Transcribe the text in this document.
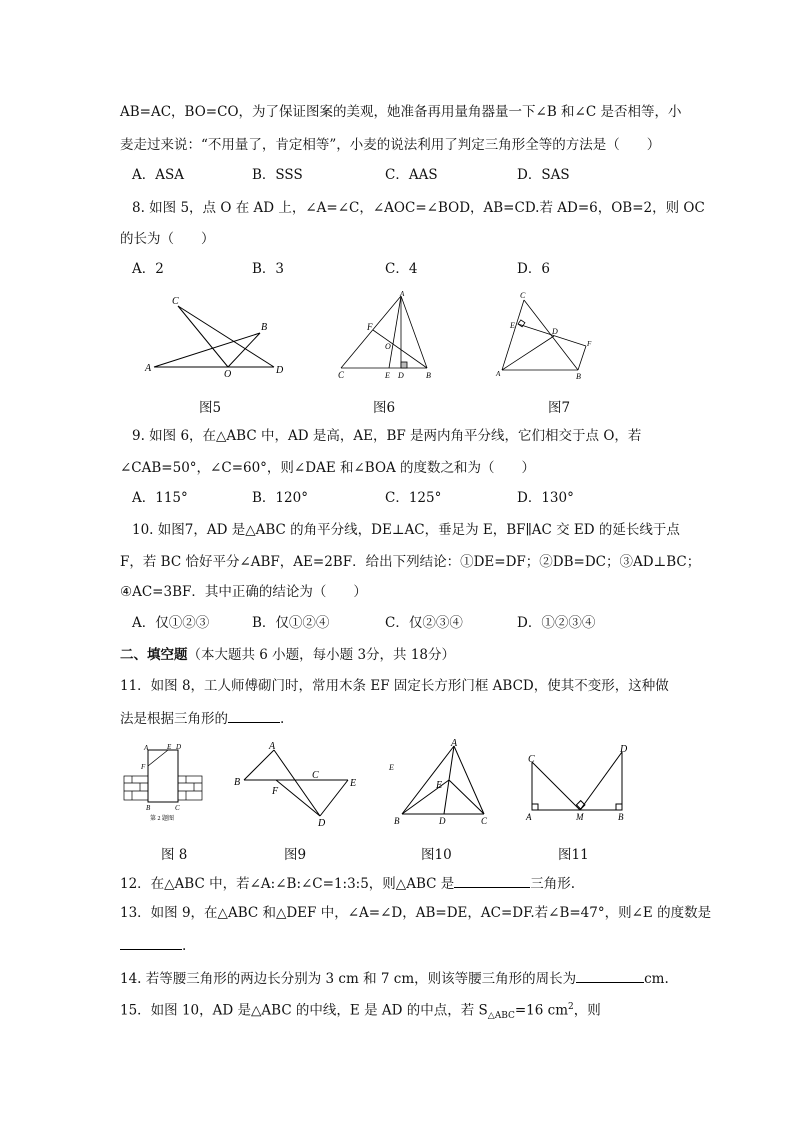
AB=AC，BO=CO，为了保证图案的美观，她准备再用量角器量一下∠B 和∠C 是否相等，小
麦走过来说：“不用量了，肯定相等”，小麦的说法利用了判定三角形全等的方法是（　　）
A．ASA	B．SSS	C．AAS	D．SAS
8. 如图 5，点 O 在 AD 上，∠A=∠C，∠AOC=∠BOD，AB=CD.若 AD=6，OB=2，则 OC
的长为（　　）
A．2	B．3	C．4	D．6
C
B
A
O	D
A
F
O
C	E D	B
C
E
D
F
A	B
图5	图6	图7
9. 如图 6，在△ABC 中，AD 是高，AE，BF 是两内角平分线，它们相交于点 O，若
∠CAB=50°，∠C=60°，则∠DAE 和∠BOA 的度数之和为（　　）
A．115°	B．120°	C．125°	D．130°
10. 如图7，AD 是△ABC 的角平分线，DE⊥AC，垂足为 E，BF∥AC 交 ED 的延长线于点
F，若 BC 恰好平分∠ABF，AE=2BF．给出下列结论：①DE=DF；②DB=DC；③AD⊥BC；
④AC=3BF．其中正确的结论为（　　）
A．仅①②③	B．仅①②④	C．仅②③④	D．①②③④
二、填空题（本大题共 6 小题，每小题 3分，共 18分）
11．如图 8，工人师傅砌门时，常用木条 EF 固定长方形门框 ABCD，使其不变形，这种做
法是根据三角形的	.
A	E D
F
B	C
第 2 题图
A
B
C
F
E
D
E
A
E
B	D	C
C
D
A	M	B
图 8	图9	图10	图11
12．在△ABC 中，若∠A:∠B:∠C=1:3:5，则△ABC 是	三角形.
13．如图 9，在△ABC 和△DEF 中，∠A=∠D，AB=DE，AC=DF.若∠B=47°，则∠E 的度数是
.
14. 若等腰三角形的两边长分别为 3 cm 和 7 cm，则该等腰三角形的周长为	cm.
15．如图 10，AD 是△ABC 的中线，E 是 AD 的中点，若 $S_{\triangle ABC}=16$ $cm^2$，则
